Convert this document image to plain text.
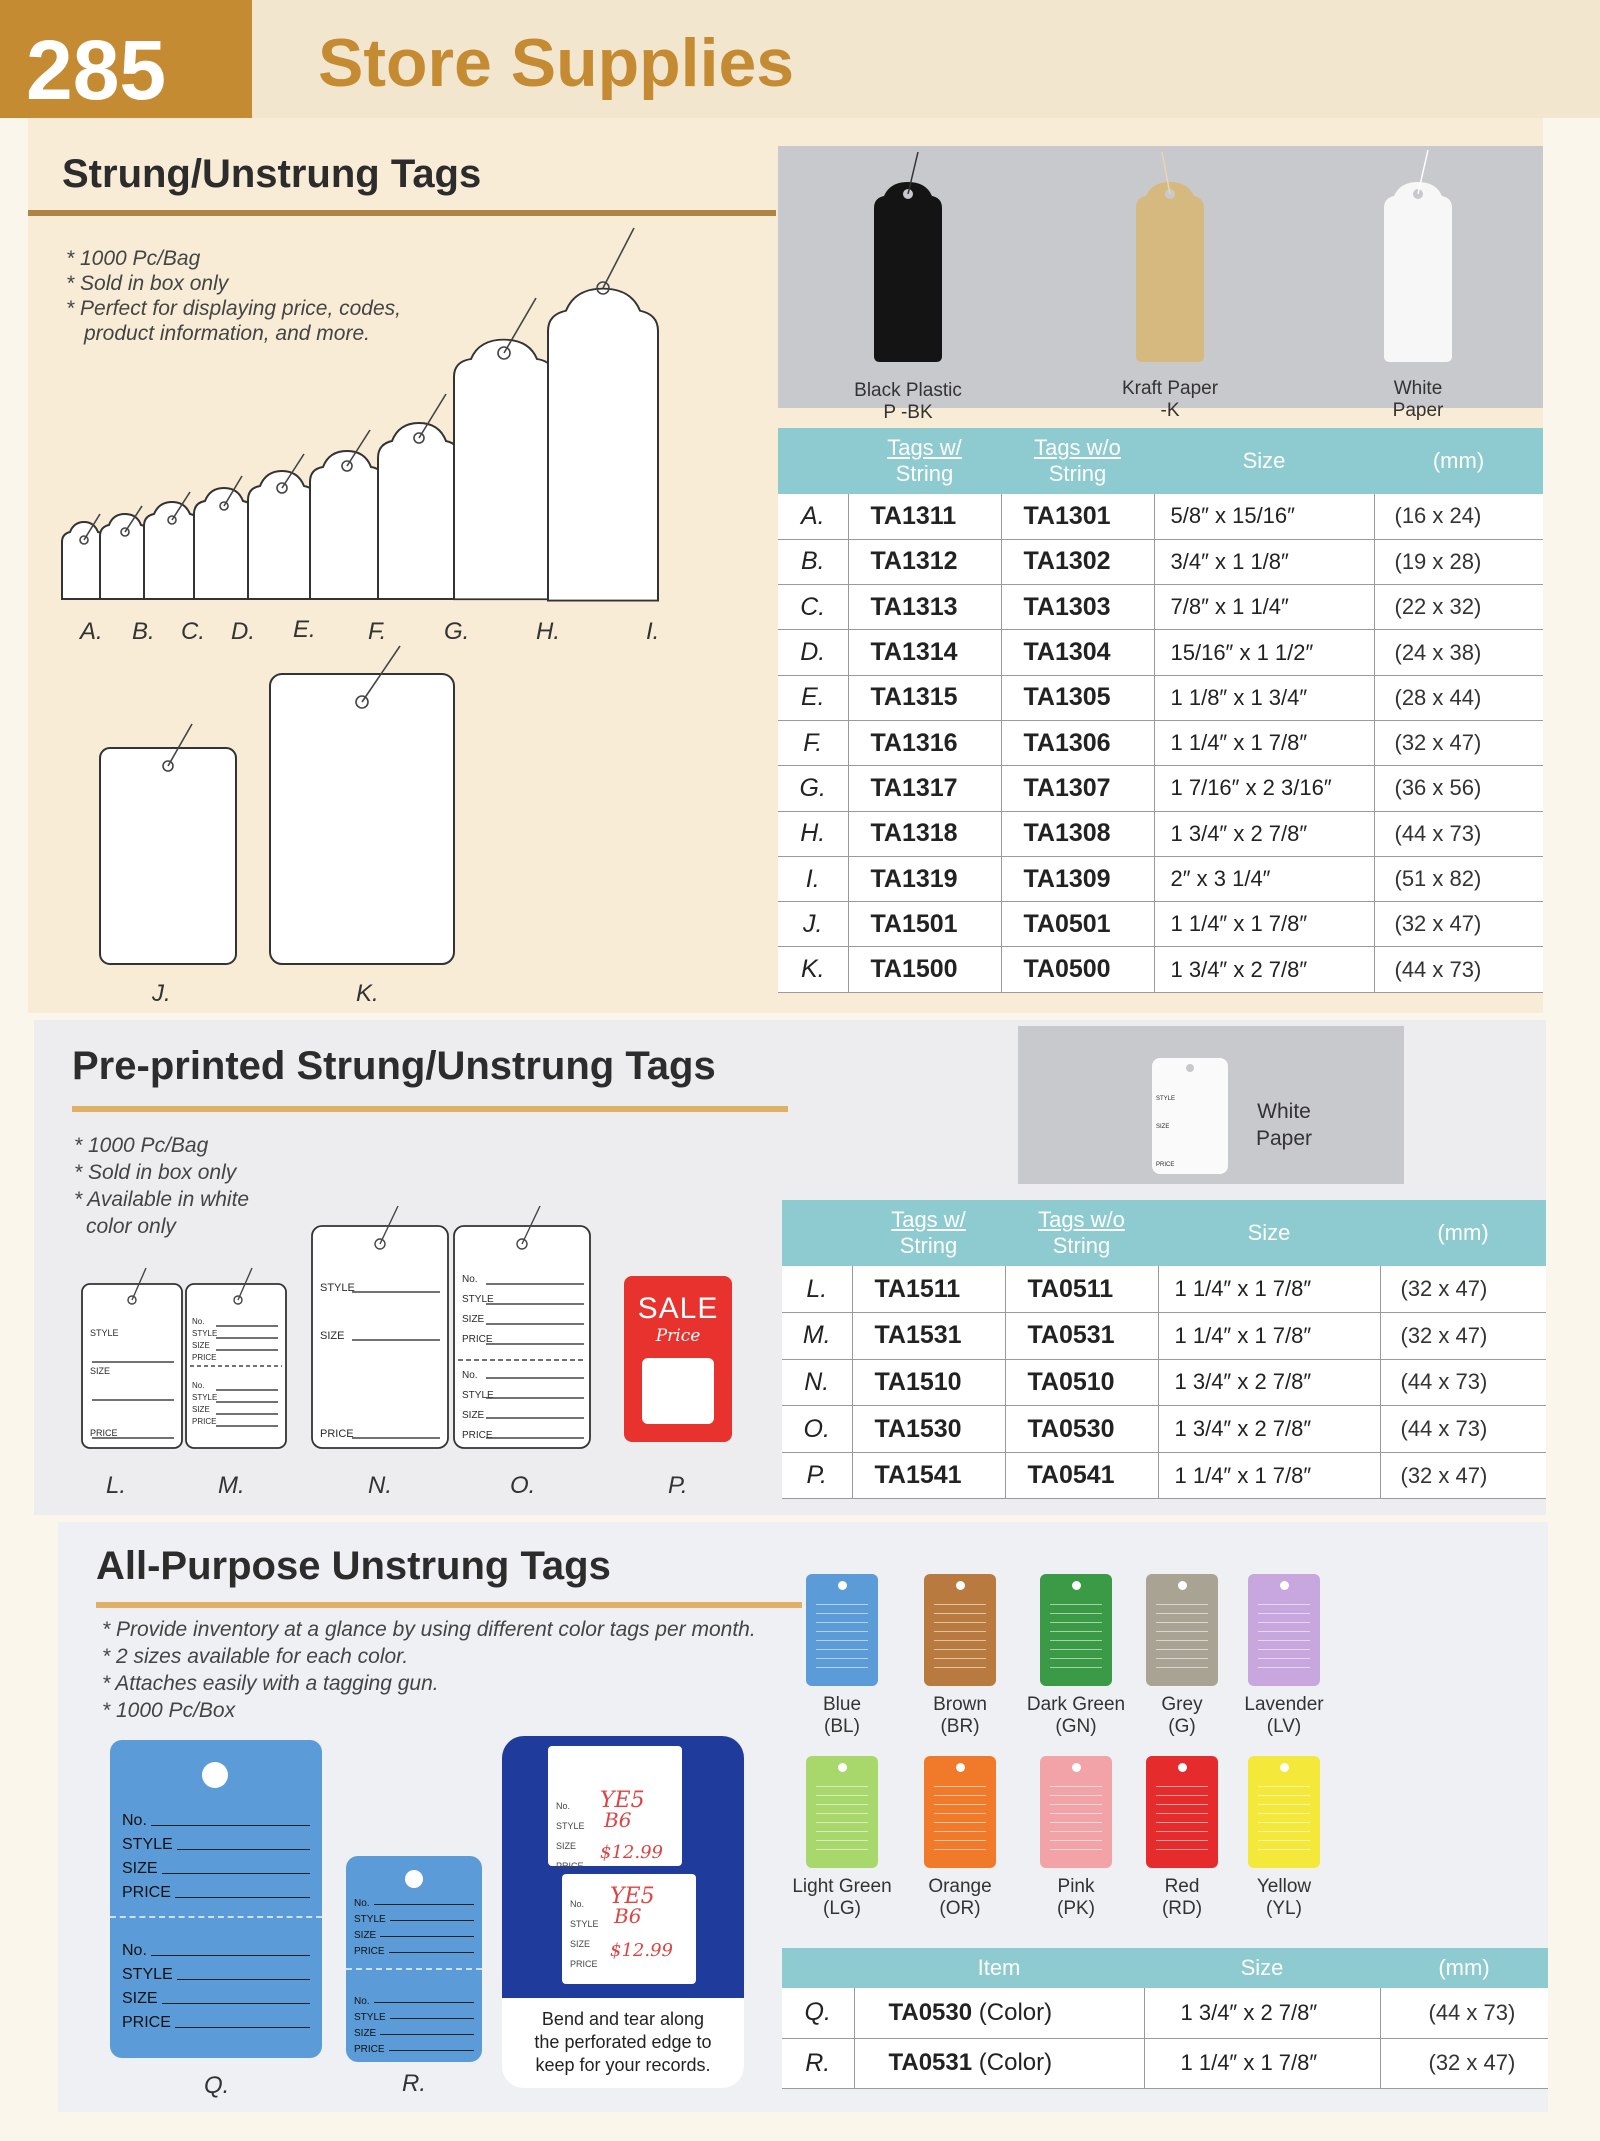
285	Store Supplies
Strung/Unstrung Tags
* 1000 Pc/Bag
* Sold in box only
* Perfect for displaying price, codes,
product information, and more.
A. B. C. D. E. F. G.	H.	I.
J.	K.
Black Plastic
P -BK
Kraft Paper
-K
White
Paper
	Tags w/
String	Tags w/o
String	Size	(mm)
A.	TA1311	TA1301	5/8″ x 15/16″	(16 x 24)
B.	TA1312	TA1302	3/4″ x 1 1/8″	(19 x 28)
C.	TA1313	TA1303	7/8″ x 1 1/4″	(22 x 32)
D.	TA1314	TA1304	15/16″ x 1 1/2″	(24 x 38)
E.	TA1315	TA1305	1 1/8″ x 1 3/4″	(28 x 44)
F.	TA1316	TA1306	1 1/4″ x 1 7/8″	(32 x 47)
G.	TA1317	TA1307	1 7/16″ x 2 3/16″	(36 x 56)
H.	TA1318	TA1308	1 3/4″ x 2 7/8″	(44 x 73)
I.	TA1319	TA1309	2″ x 3 1/4″	(51 x 82)
J.	TA1501	TA0501	1 1/4″ x 1 7/8″	(32 x 47)
K.	TA1500	TA0500	1 3/4″ x 2 7/8″	(44 x 73)
Pre-printed Strung/Unstrung Tags
* 1000 Pc/Bag
* Sold in box only
* Available in white
color only
STYLE
SIZE
PRICE
White
Paper
STYLE
SIZE
PRICE
No.
STYLE
SIZE
PRICE
No.
STYLE
SIZE
PRICE
STYLE
SIZE
PRICE
No.
STYLE
SIZE
PRICE
No.
STYLE
SIZE
PRICE
SALE
Price
L.	M.	N.	O.	P.
	Tags w/
String	Tags w/o
String	Size	(mm)
L.	TA1511	TA0511	1 1/4″ x 1 7/8″	(32 x 47)
M.	TA1531	TA0531	1 1/4″ x 1 7/8″	(32 x 47)
N.	TA1510	TA0510	1 3/4″ x 2 7/8″	(44 x 73)
O.	TA1530	TA0530	1 3/4″ x 2 7/8″	(44 x 73)
P.	TA1541	TA0541	1 1/4″ x 1 7/8″	(32 x 47)
All-Purpose Unstrung Tags
* Provide inventory at a glance by using different color tags per month.
* 2 sizes available for each color.
* Attaches easily with a tagging gun.
* 1000 Pc/Box
No.
STYLE
SIZE
PRICE
No.
STYLE
SIZE
PRICE
No.
STYLE
SIZE
PRICE
No.
STYLE
SIZE
PRICE
Q.	R.
No.
STYLE
SIZE
PRICE
YE5
B6
$12.99
No.
STYLE
SIZE
PRICE
YE5
B6
$12.99
Bend and tear along
the perforated edge to
keep for your records.
Blue
(BL)
Brown
(BR)
Dark Green
(GN)
Grey
(G)
Lavender
(LV)
Light Green
(LG)
Orange
(OR)
Pink
(PK)
Red
(RD)
Yellow
(YL)
	Item	Size	(mm)
Q.	TA0530 (Color)	1 3/4″ x 2 7/8″	(44 x 73)
R.	TA0531 (Color)	1 1/4″ x 1 7/8″	(32 x 47)
